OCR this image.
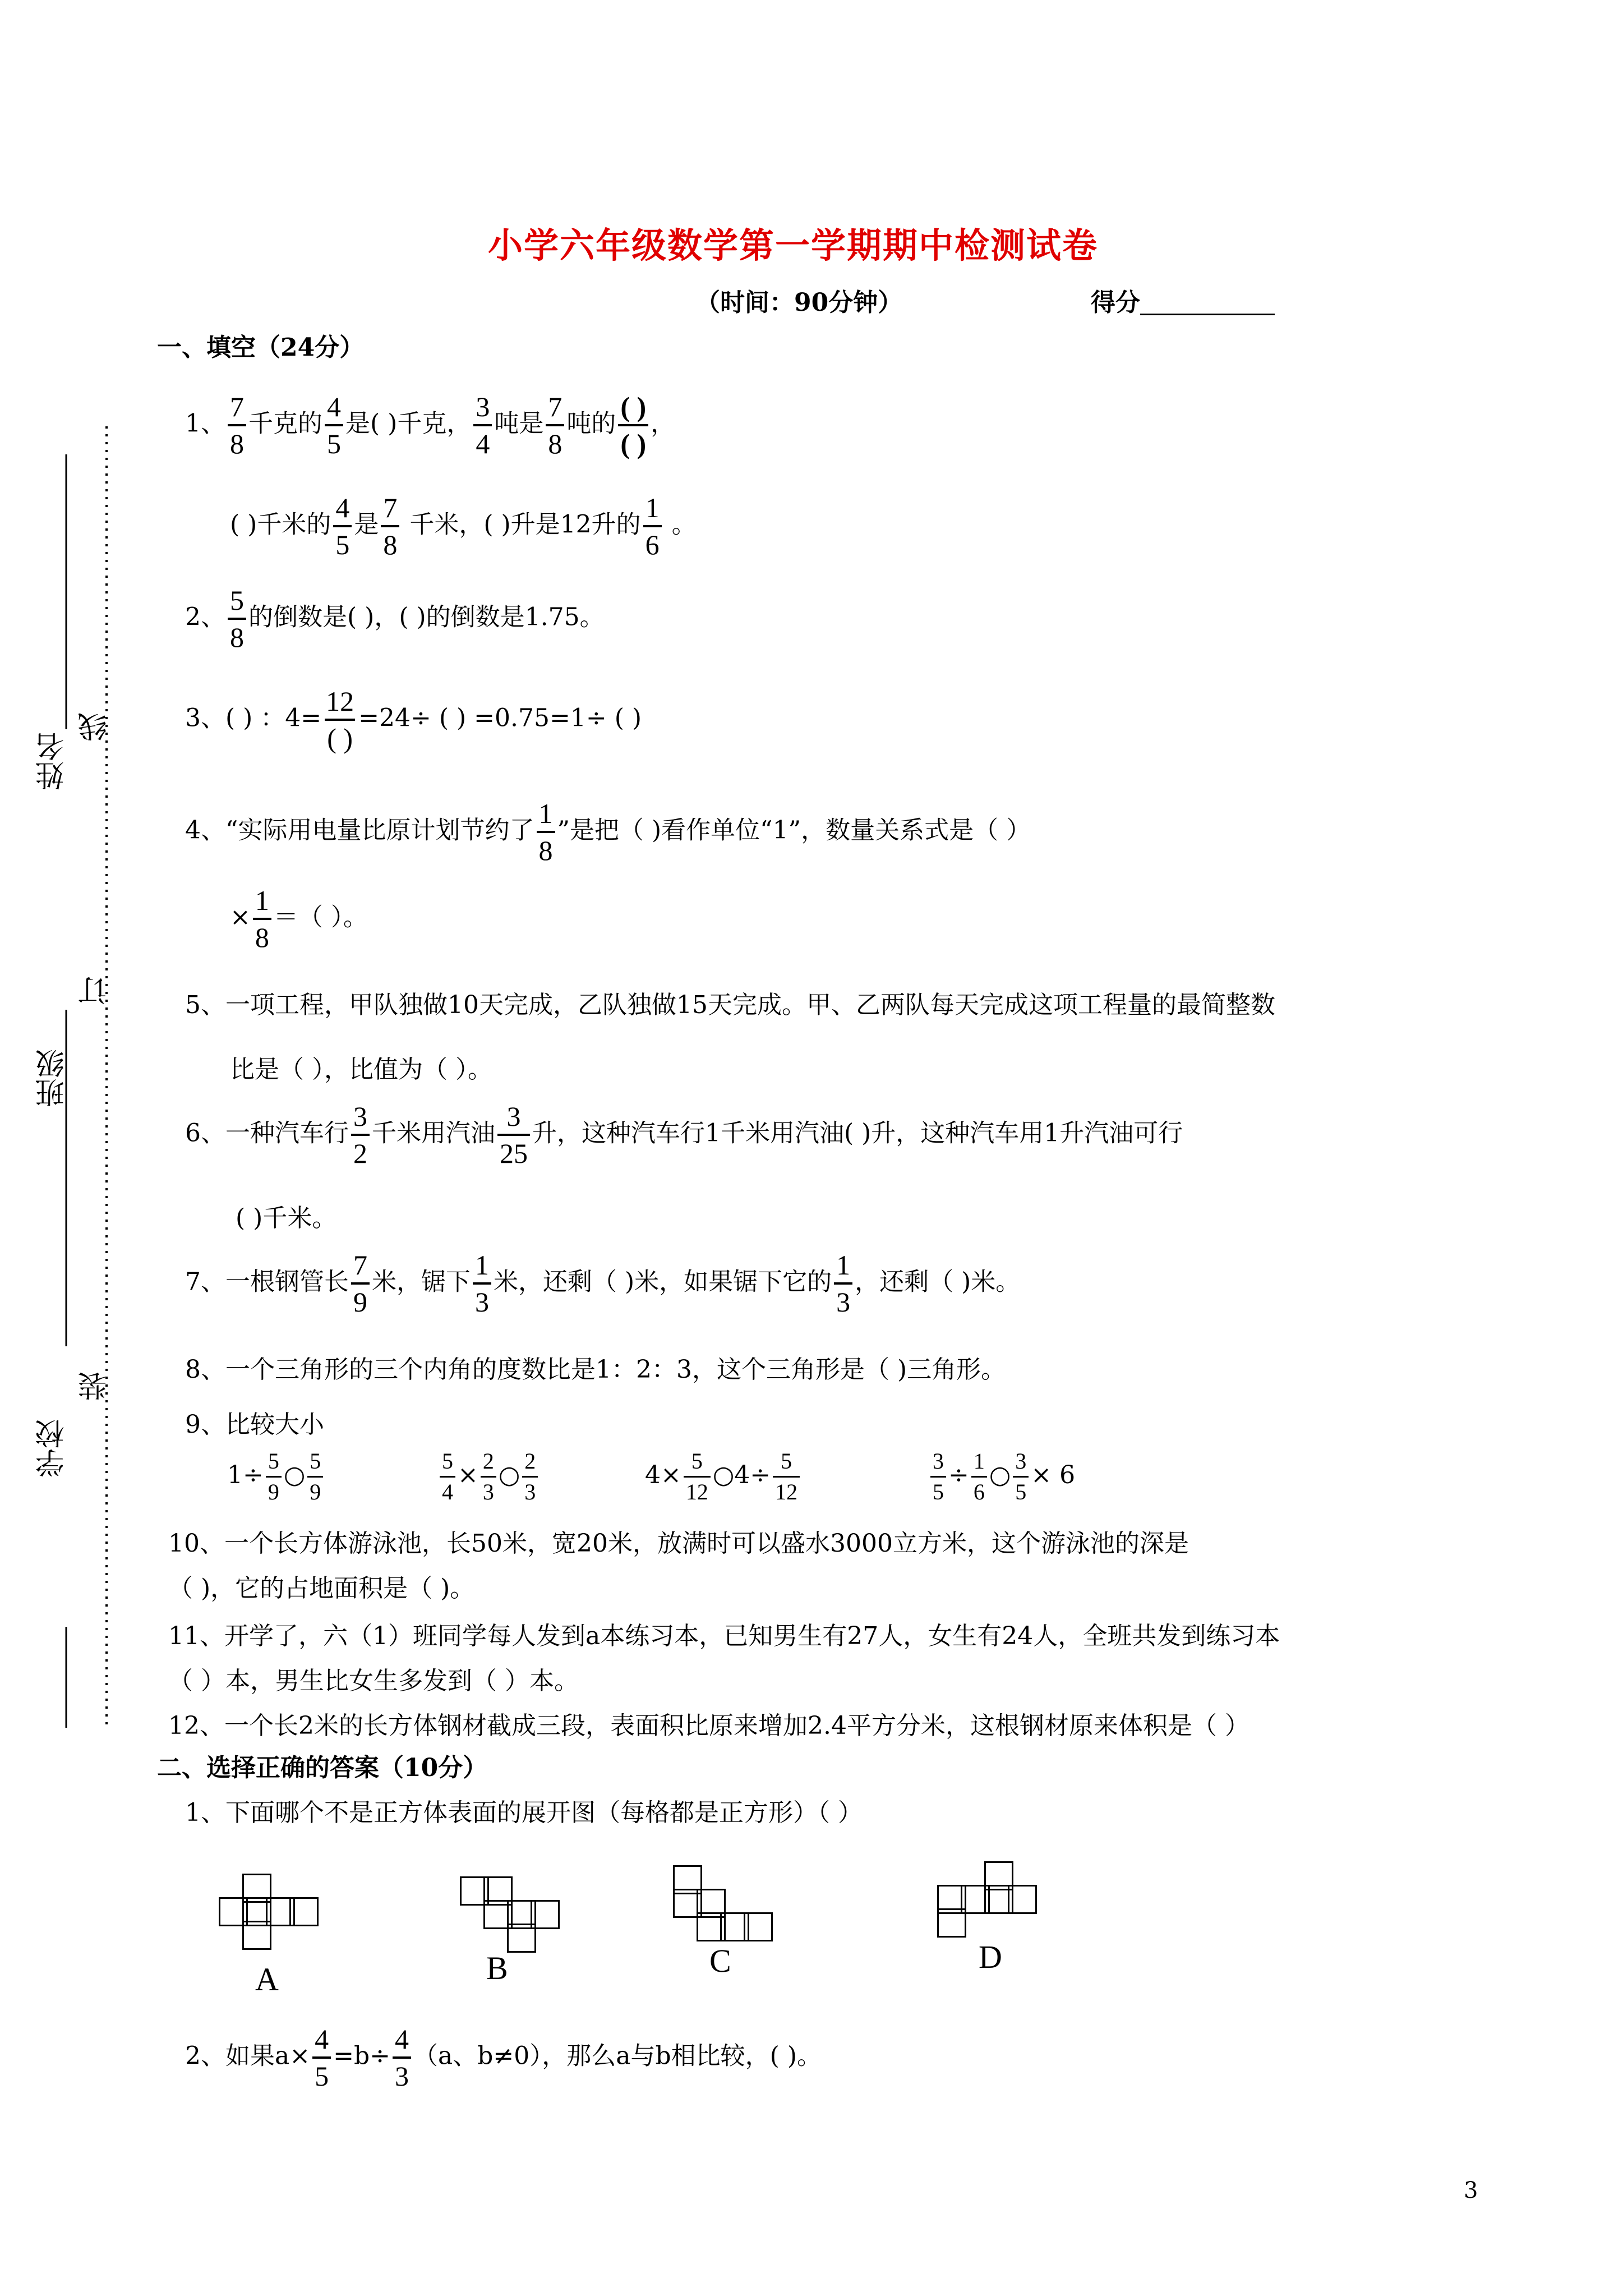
小学六年级数学第一学期期中检测试卷
（时间：90分钟）	得分
姓名
班级
学校
线
订
装
一、填空（24分）
1、 $\frac{7}{8}$ 千克的 $\frac{4}{5}$ 是( )千克， $\frac{3}{4}$ 吨是 $\frac{7}{8}$ 吨的 $\frac{( )}{( )}$ ，
( )千米的 $\frac{4}{5}$ 是 $\frac{7}{8}$ 千米，( )升是12升的 $\frac{1}{6}$ 。
2、 $\frac{5}{8}$ 的倒数是( )，( )的倒数是1.75。
3、( ) ：$4= \frac{12}{( )} =24\div$ ( ) =0.75=1÷ ( )
4、“实际用电量比原计划节约了 $\frac{1}{8}$ ”是把（ )看作单位“1”，数量关系式是（ ）
× $\frac{1}{8}$ ＝（ ）。
5、一项工程，甲队独做10天完成，乙队独做15天完成。甲、乙两队每天完成这项工程量的最简整数
比是（ ），比值为（ ）。
6、一种汽车行 $\frac{3}{2}$ 千米用汽油 $\frac{3}{25}$ 升，这种汽车行1千米用汽油( )升，这种汽车用1升汽油可行
( )千米。
7、一根钢管长 $\frac{7}{9}$ 米，锯下 $\frac{1}{3}$ 米，还剩（ )米，如果锯下它的 $\frac{1}{3}$ ，还剩（ )米。
8、一个三角形的三个内角的度数比是1：2：3，这个三角形是（ )三角形。
9、比较大小
$1\div \frac{5}{9}$ ○ $\frac{5}{9}$	$\frac{5}{4} \times \frac{2}{3}$ ○ $\frac{2}{3}$	$4\times \frac{5}{12}$ ○4÷ $\frac{5}{12}$	$\frac{3}{5} \div \frac{1}{6}$ ○ $\frac{3}{5} \times 6$
10、一个长方体游泳池，长50米，宽20米，放满时可以盛水3000立方米，这个游泳池的深是
（ )，它的占地面积是（ )。
11、开学了，六（1）班同学每人发到a本练习本，已知男生有27人，女生有24人，全班共发到练习本
（ ）本，男生比女生多发到（ ）本。
12、一个长2米的长方体钢材截成三段，表面积比原来增加2.4平方分米，这根钢材原来体积是（ ）
二、选择正确的答案（10分）
1、下面哪个不是正方体表面的展开图（每格都是正方形）（ ）
A	B	C	D
2、如果$a\times \frac{4}{5} =b\div \frac{4}{3} (a$、b≠0），那么a与b相比较，( )。
3
